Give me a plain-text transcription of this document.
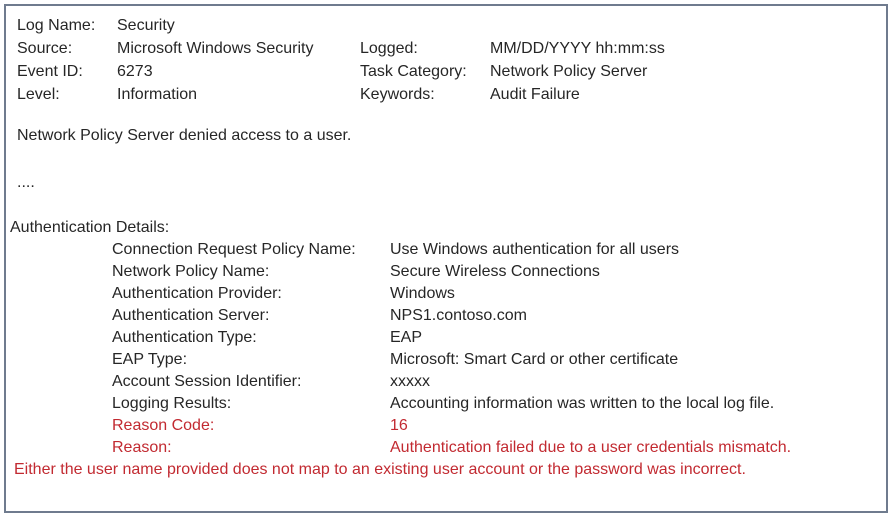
Log Name:	Security
Source:	Microsoft Windows Security	Logged:	MM/DD/YYYY hh:mm:ss
Event ID:	6273	Task Category:	Network Policy Server
Level:	Information	Keywords:	Audit Failure

Network Policy Server denied access to a user.

....

Authentication Details:

Connection Request Policy Name:	Use Windows authentication for all users
Network Policy Name:	Secure Wireless Connections
Authentication Provider:	Windows
Authentication Server:	NPS1.contoso.com
Authentication Type:	EAP
EAP Type:	Microsoft: Smart Card or other certificate
Account Session Identifier:	xxxxx
Logging Results:	Accounting information was written to the local log file.
Reason Code:	16
Reason:	Authentication failed due to a user credentials mismatch.

Either the user name provided does not map to an existing user account or the password was incorrect.
